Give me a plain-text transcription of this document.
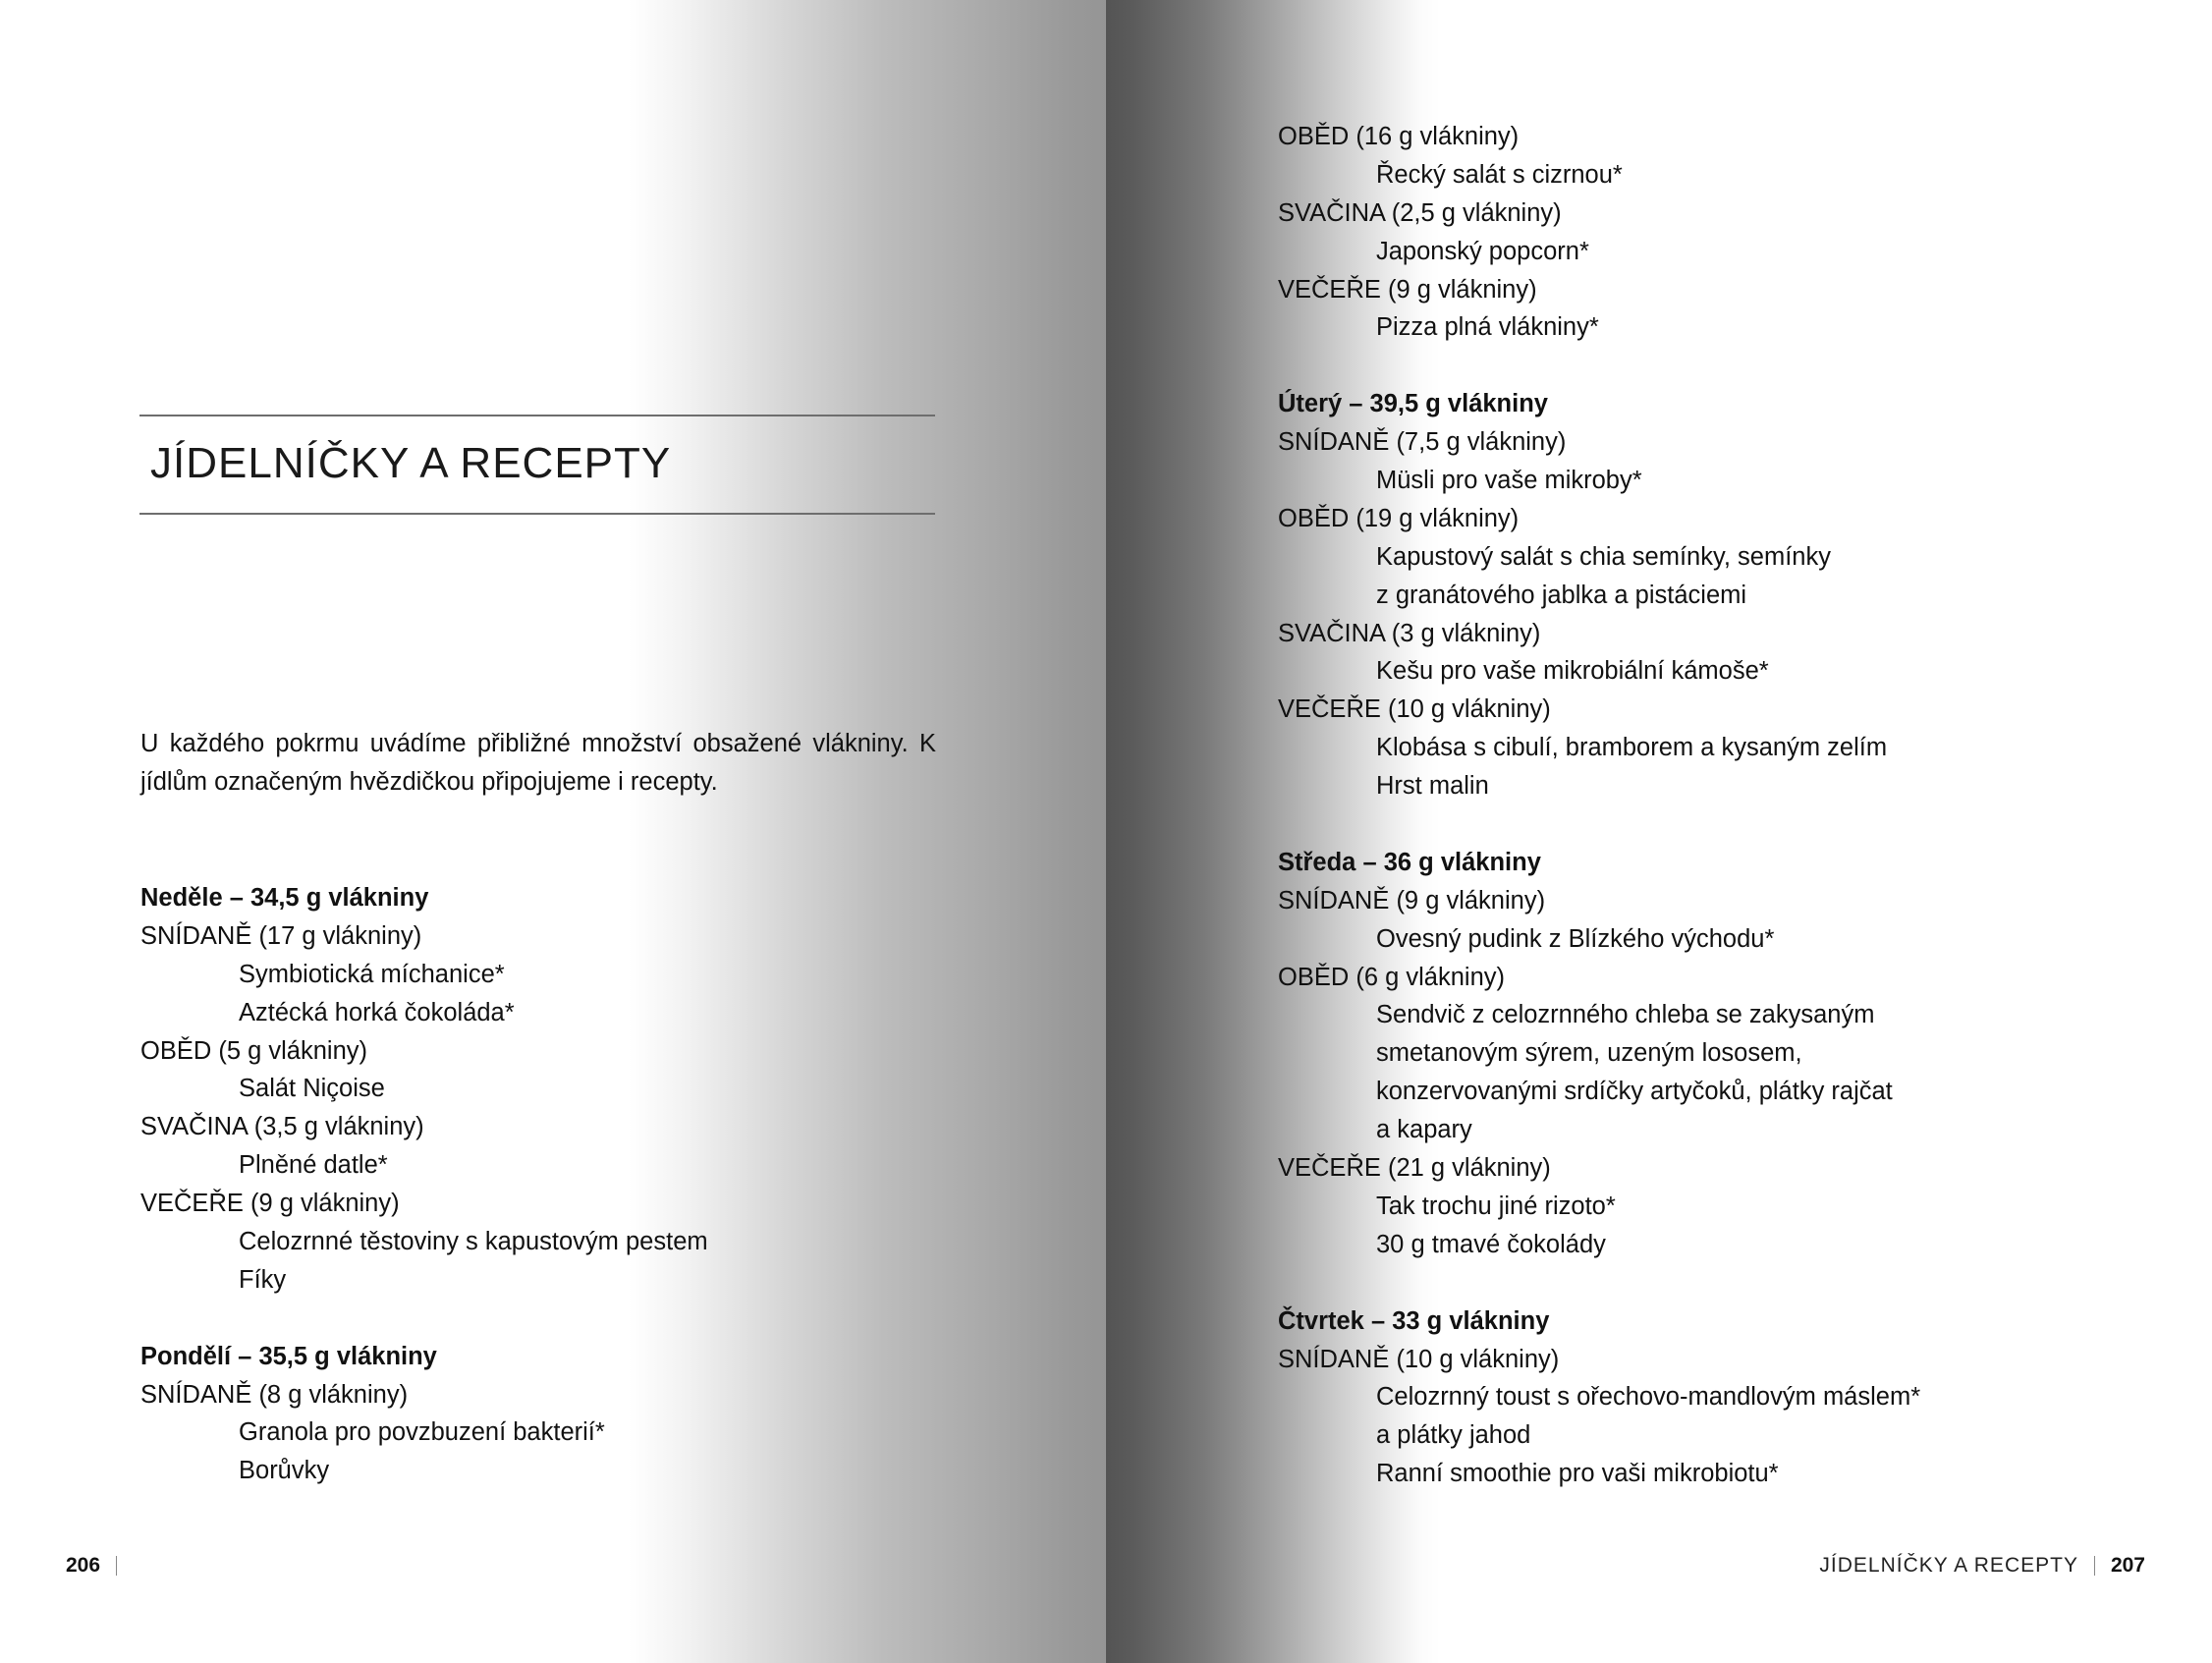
JÍDELNÍČKY A RECEPTY

U každého pokrmu uvádíme přibližné množství obsažené vlákniny. K jídlům označeným hvězdičkou připojujeme i recepty.

Neděle – 34,5 g vlákniny
SNÍDANĚ (17 g vlákniny)
Symbiotická míchanice*
Aztécká horká čokoláda*
OBĚD (5 g vlákniny)
Salát Niçoise
SVAČINA (3,5 g vlákniny)
Plněné datle*
VEČEŘE (9 g vlákniny)
Celozrnné těstoviny s kapustovým pestem
Fíky
Pondělí – 35,5 g vlákniny
SNÍDANĚ (8 g vlákniny)
Granola pro povzbuzení bakterií*
Borůvky
206
OBĚD (16 g vlákniny)
Řecký salát s cizrnou*
SVAČINA (2,5 g vlákniny)
Japonský popcorn*
VEČEŘE (9 g vlákniny)
Pizza plná vlákniny*
Úterý – 39,5 g vlákniny
SNÍDANĚ (7,5 g vlákniny)
Müsli pro vaše mikroby*
OBĚD (19 g vlákniny)
Kapustový salát s chia semínky, semínky
z granátového jablka a pistáciemi
SVAČINA (3 g vlákniny)
Kešu pro vaše mikrobiální kámoše*
VEČEŘE (10 g vlákniny)
Klobása s cibulí, bramborem a kysaným zelím
Hrst malin
Středa – 36 g vlákniny
SNÍDANĚ (9 g vlákniny)
Ovesný pudink z Blízkého východu*
OBĚD (6 g vlákniny)
Sendvič z celozrnného chleba se zakysaným
smetanovým sýrem, uzeným lososem,
konzervovanými srdíčky artyčoků, plátky rajčat
a kapary
VEČEŘE (21 g vlákniny)
Tak trochu jiné rizoto*
30 g tmavé čokolády
Čtvrtek – 33 g vlákniny
SNÍDANĚ (10 g vlákniny)
Celozrnný toust s ořechovo-mandlovým máslem*
a plátky jahod
Ranní smoothie pro vaši mikrobiotu*
JÍDELNÍČKY A RECEPTY 207
